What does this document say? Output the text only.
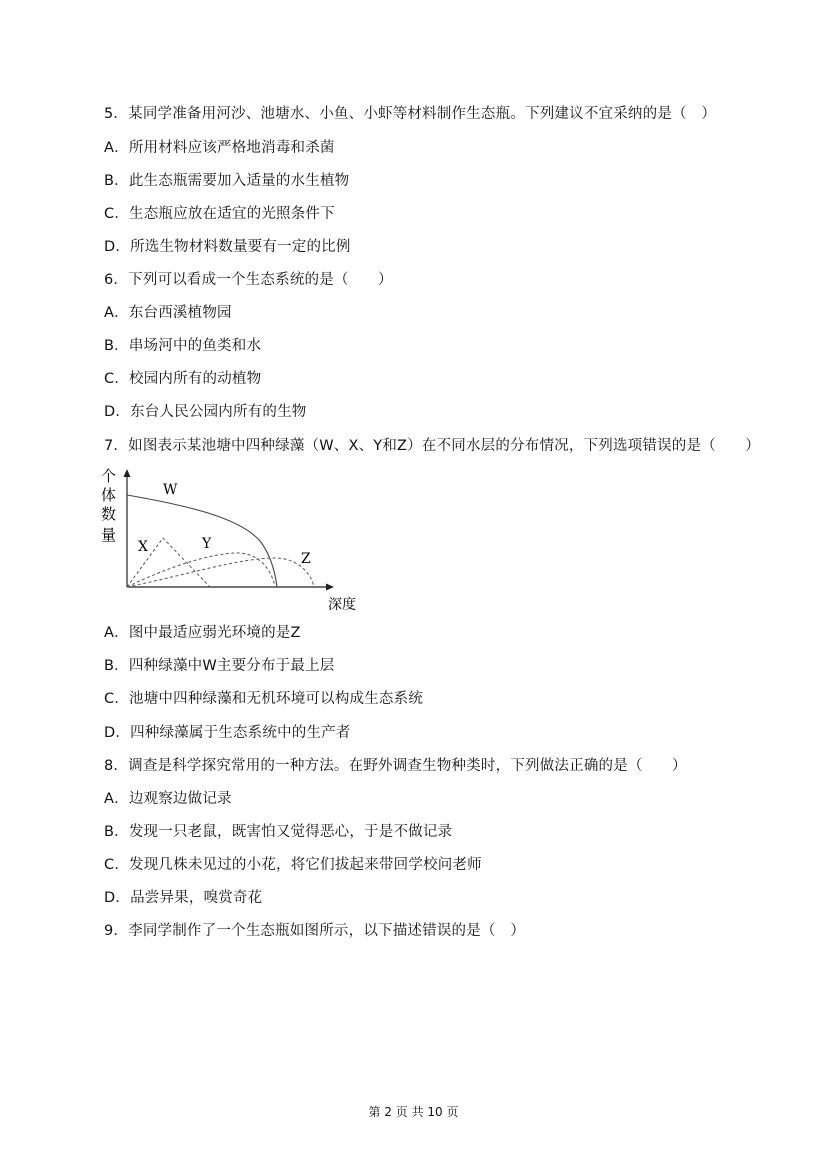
5．某同学准备用河沙、池塘水、小鱼、小虾等材料制作生态瓶。下列建议不宜采纳的是（　）
A．所用材料应该严格地消毒和杀菌
B．此生态瓶需要加入适量的水生植物
C．生态瓶应放在适宜的光照条件下
D．所选生物材料数量要有一定的比例
6．下列可以看成一个生态系统的是（　　）
A．东台西溪植物园
B．串场河中的鱼类和水
C．校园内所有的动植物
D．东台人民公园内所有的生物
7．如图表示某池塘中四种绿藻（W、X、Y和Z）在不同水层的分布情况，下列选项错误的是（　　）
个
体
数
量
深度
W
X	Y
Z
A．图中最适应弱光环境的是Z
B．四种绿藻中W主要分布于最上层
C．池塘中四种绿藻和无机环境可以构成生态系统
D．四种绿藻属于生态系统中的生产者
8．调查是科学探究常用的一种方法。在野外调查生物种类时，下列做法正确的是（　　）
A．边观察边做记录
B．发现一只老鼠，既害怕又觉得恶心，于是不做记录
C．发现几株未见过的小花，将它们拔起来带回学校问老师
D．品尝异果，嗅赏奇花
9．李同学制作了一个生态瓶如图所示，以下描述错误的是（　）
第 2 页 共 10 页
